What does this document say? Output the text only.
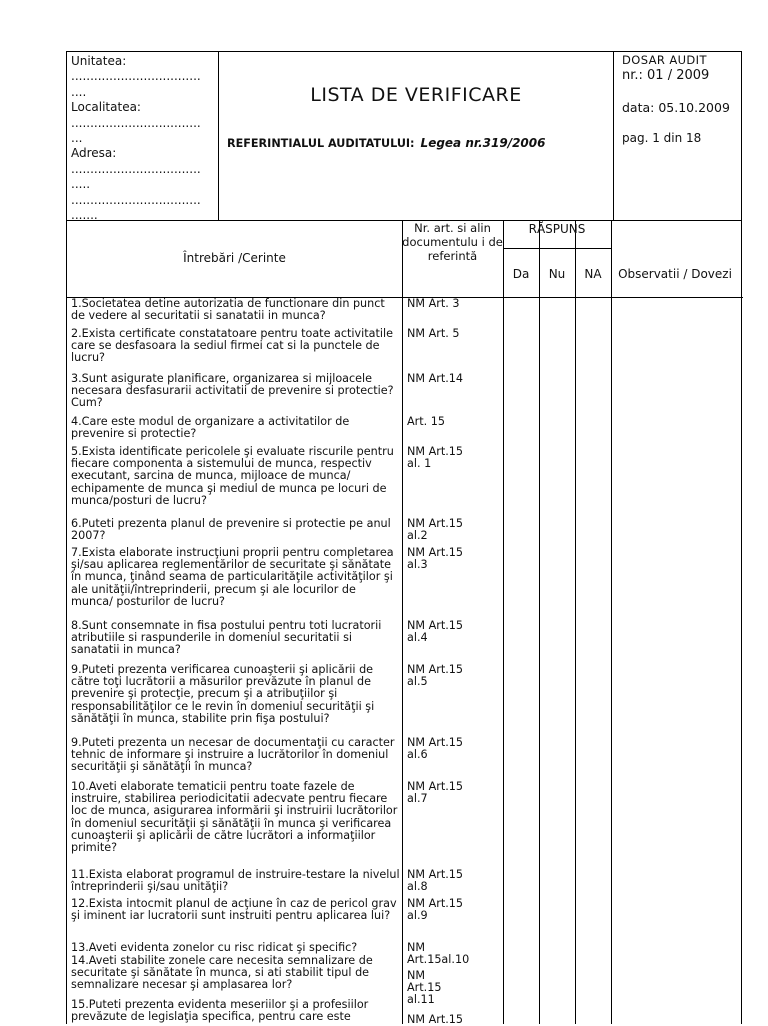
Unitatea:
..................................
....
Localitatea:
..................................
...
Adresa:
..................................
.....
..................................
.......
LISTA DE VERIFICARE
REFERINTIALUL AUDITATULUI: Legea nr.319/2006
DOSAR AUDIT
nr.: 01 / 2009
data: 05.10.2009
pag. 1 din 18
Întrebări /Cerinte
Nr. art. si alin documentulu i de referintă
RĂSPUNS
Da	Nu	NA	Observatii / Dovezi
1.Societatea detine autorizatia de functionare din punct de vedere al securitatii si sanatatii in munca?
NM Art. 3
2.Exista certificate constatatoare pentru toate activitatile care se desfasoara la sediul firmei cat si la punctele de lucru?
NM Art. 5
3.Sunt asigurate planificare, organizarea si mijloacele necesara desfasurarii activitatii de prevenire si protectie?Cum?
NM Art.14
4.Care este modul de organizare a activitatilor de prevenire si protectie?
Art. 15
5.Exista identificate pericolele şi evaluate riscurile pentru fiecare componenta a sistemului de munca, respectiv executant, sarcina de munca, mijloace de munca/ echipamente de munca şi mediul de munca pe locuri de munca/posturi de lucru?
NM Art.15 al. 1
6.Puteti prezenta planul de prevenire si protectie pe anul 2007?
NM Art.15 al.2
7.Exista elaborate instrucţiuni proprii pentru completarea şi/sau aplicarea reglementărilor de securitate şi sănătate în munca, ţinând seama de particularităţile activităţilor şi ale unităţii/întreprinderii, precum şi ale locurilor de munca/ posturilor de lucru?
NM Art.15 al.3
8.Sunt consemnate in fisa postului pentru toti lucratorii atributiile si raspunderile in domeniul securitatii si sanatatii in munca?
NM Art.15 al.4
9.Puteti prezenta verificarea cunoaşterii şi aplicării de către toţi lucrătorii a măsurilor prevăzute în planul de prevenire şi protecţie, precum şi a atribuţiilor şi responsabilităţilor ce le revin în domeniul securităţii şi sănătăţii în munca, stabilite prin fişa postului?
NM Art.15 al.5
9.Puteti prezenta un necesar de documentaţii cu caracter tehnic de informare şi instruire a lucrătorilor în domeniul securităţii şi sănătăţii în munca?
NM Art.15 al.6
10.Aveti elaborate tematicii pentru toate fazele de instruire, stabilirea periodicitatii adecvate pentru fiecare loc de munca, asigurarea informării şi instruirii lucrătorilor în domeniul securităţii şi sănătăţii în munca şi verificarea cunoaşterii şi aplicării de către lucrători a informaţiilor primite?
NM Art.15 al.7
11.Exista elaborat programul de instruire-testare la nivelul întreprinderii şi/sau unităţii?
NM Art.15 al.8
12.Exista intocmit planul de acţiune în caz de pericol grav şi iminent iar lucratorii sunt instruiti pentru aplicarea lui?
NM Art.15 al.9
13.Aveti evidenta zonelor cu risc ridicat şi specific?	NM Art.15al.10
14.Aveti stabilite zonele care necesita semnalizare de securitate şi sănătate în munca, si ati stabilit tipul de semnalizare necesar şi amplasarea lor?
NM Art.15 al.11
15.Puteti prezenta evidenta meseriilor şi a profesiilor prevăzute de legislaţia specifica, pentru care este	NM Art.15
